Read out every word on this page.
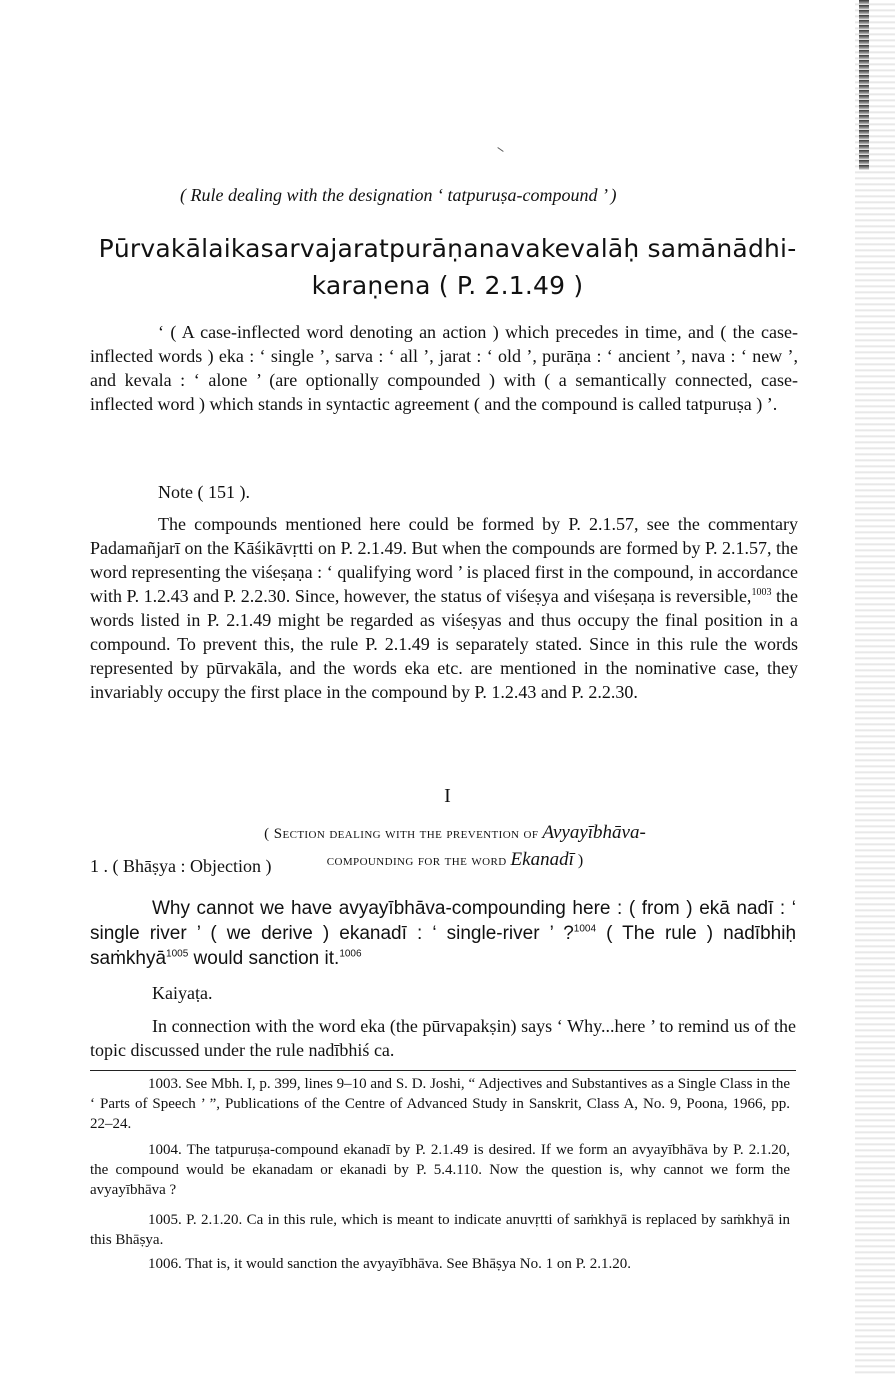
( Rule dealing with the designation ‘ tatpuruṣa-compound ’ )
Pūrvakālaikasarvajaratpurāṇanavakevalāḥ samānādhi-
karaṇena ( P. 2.1.49 )

‘ ( A case-inflected word denoting an action ) which precedes in time, and ( the case-inflected words ) eka : ‘ single ’, sarva : ‘ all ’, jarat : ‘ old ’, purāṇa : ‘ ancient ’, nava : ‘ new ’, and kevala : ‘ alone ’ (are optionally compounded ) with ( a semantically connected, case-inflected word ) which stands in syntactic agreement ( and the compound is called tatpuruṣa ) ’.

Note ( 151 ).

The compounds mentioned here could be formed by P. 2.1.57, see the commentary Padamañjarī on the Kāśikāvṛtti on P. 2.1.49. But when the compounds are formed by P. 2.1.57, the word representing the viśeṣaṇa : ‘ qualifying word ’ is placed first in the compound, in accordance with P. 1.2.43 and P. 2.2.30. Since, however, the status of viśeṣya and viśeṣaṇa is reversible,$^{1003}$ the words listed in P. 2.1.49 might be regarded as viśeṣyas and thus occupy the final position in a compound. To prevent this, the rule P. 2.1.49 is separately stated. Since in this rule the words represented by pūrvakāla, and the words eka etc. are mentioned in the nominative case, they invariably occupy the first place in the compound by P. 1.2.43 and P. 2.2.30.

I
( Section dealing with the prevention of Avyayībhāva-
compounding for the word Ekanadī )
1 . ( Bhāṣya : Objection )
Why cannot we have avyayībhāva-compounding here : ( from ) ekā nadī : ‘ single river ’ ( we derive ) ekanadī : ‘ single-river ’ ?$^{1004}$ ( The rule ) nadībhiḥ saṁkhyā$^{1005}$ would sanction it.$^{1006}$
Kaiyaṭa.
In connection with the word eka (the pūrvapakṣin) says ‘ Why...here ’ to remind us of the topic discussed under the rule nadībhiś ca.

1003. See Mbh. I, p. 399, lines 9–10 and S. D. Joshi, “ Adjectives and Substantives as a Single Class in the ‘ Parts of Speech ’ ”, Publications of the Centre of Advanced Study in Sanskrit, Class A, No. 9, Poona, 1966, pp. 22–24.

1004. The tatpuruṣa-compound ekanadī by P. 2.1.49 is desired. If we form an avyayībhāva by P. 2.1.20, the compound would be ekanadam or ekanadi by P. 5.4.110. Now the question is, why cannot we form the avyayībhāva ?

1005. P. 2.1.20. Ca in this rule, which is meant to indicate anuvṛtti of saṁkhyā is replaced by saṁkhyā in this Bhāṣya.

1006. That is, it would sanction the avyayībhāva. See Bhāṣya No. 1 on P. 2.1.20.
